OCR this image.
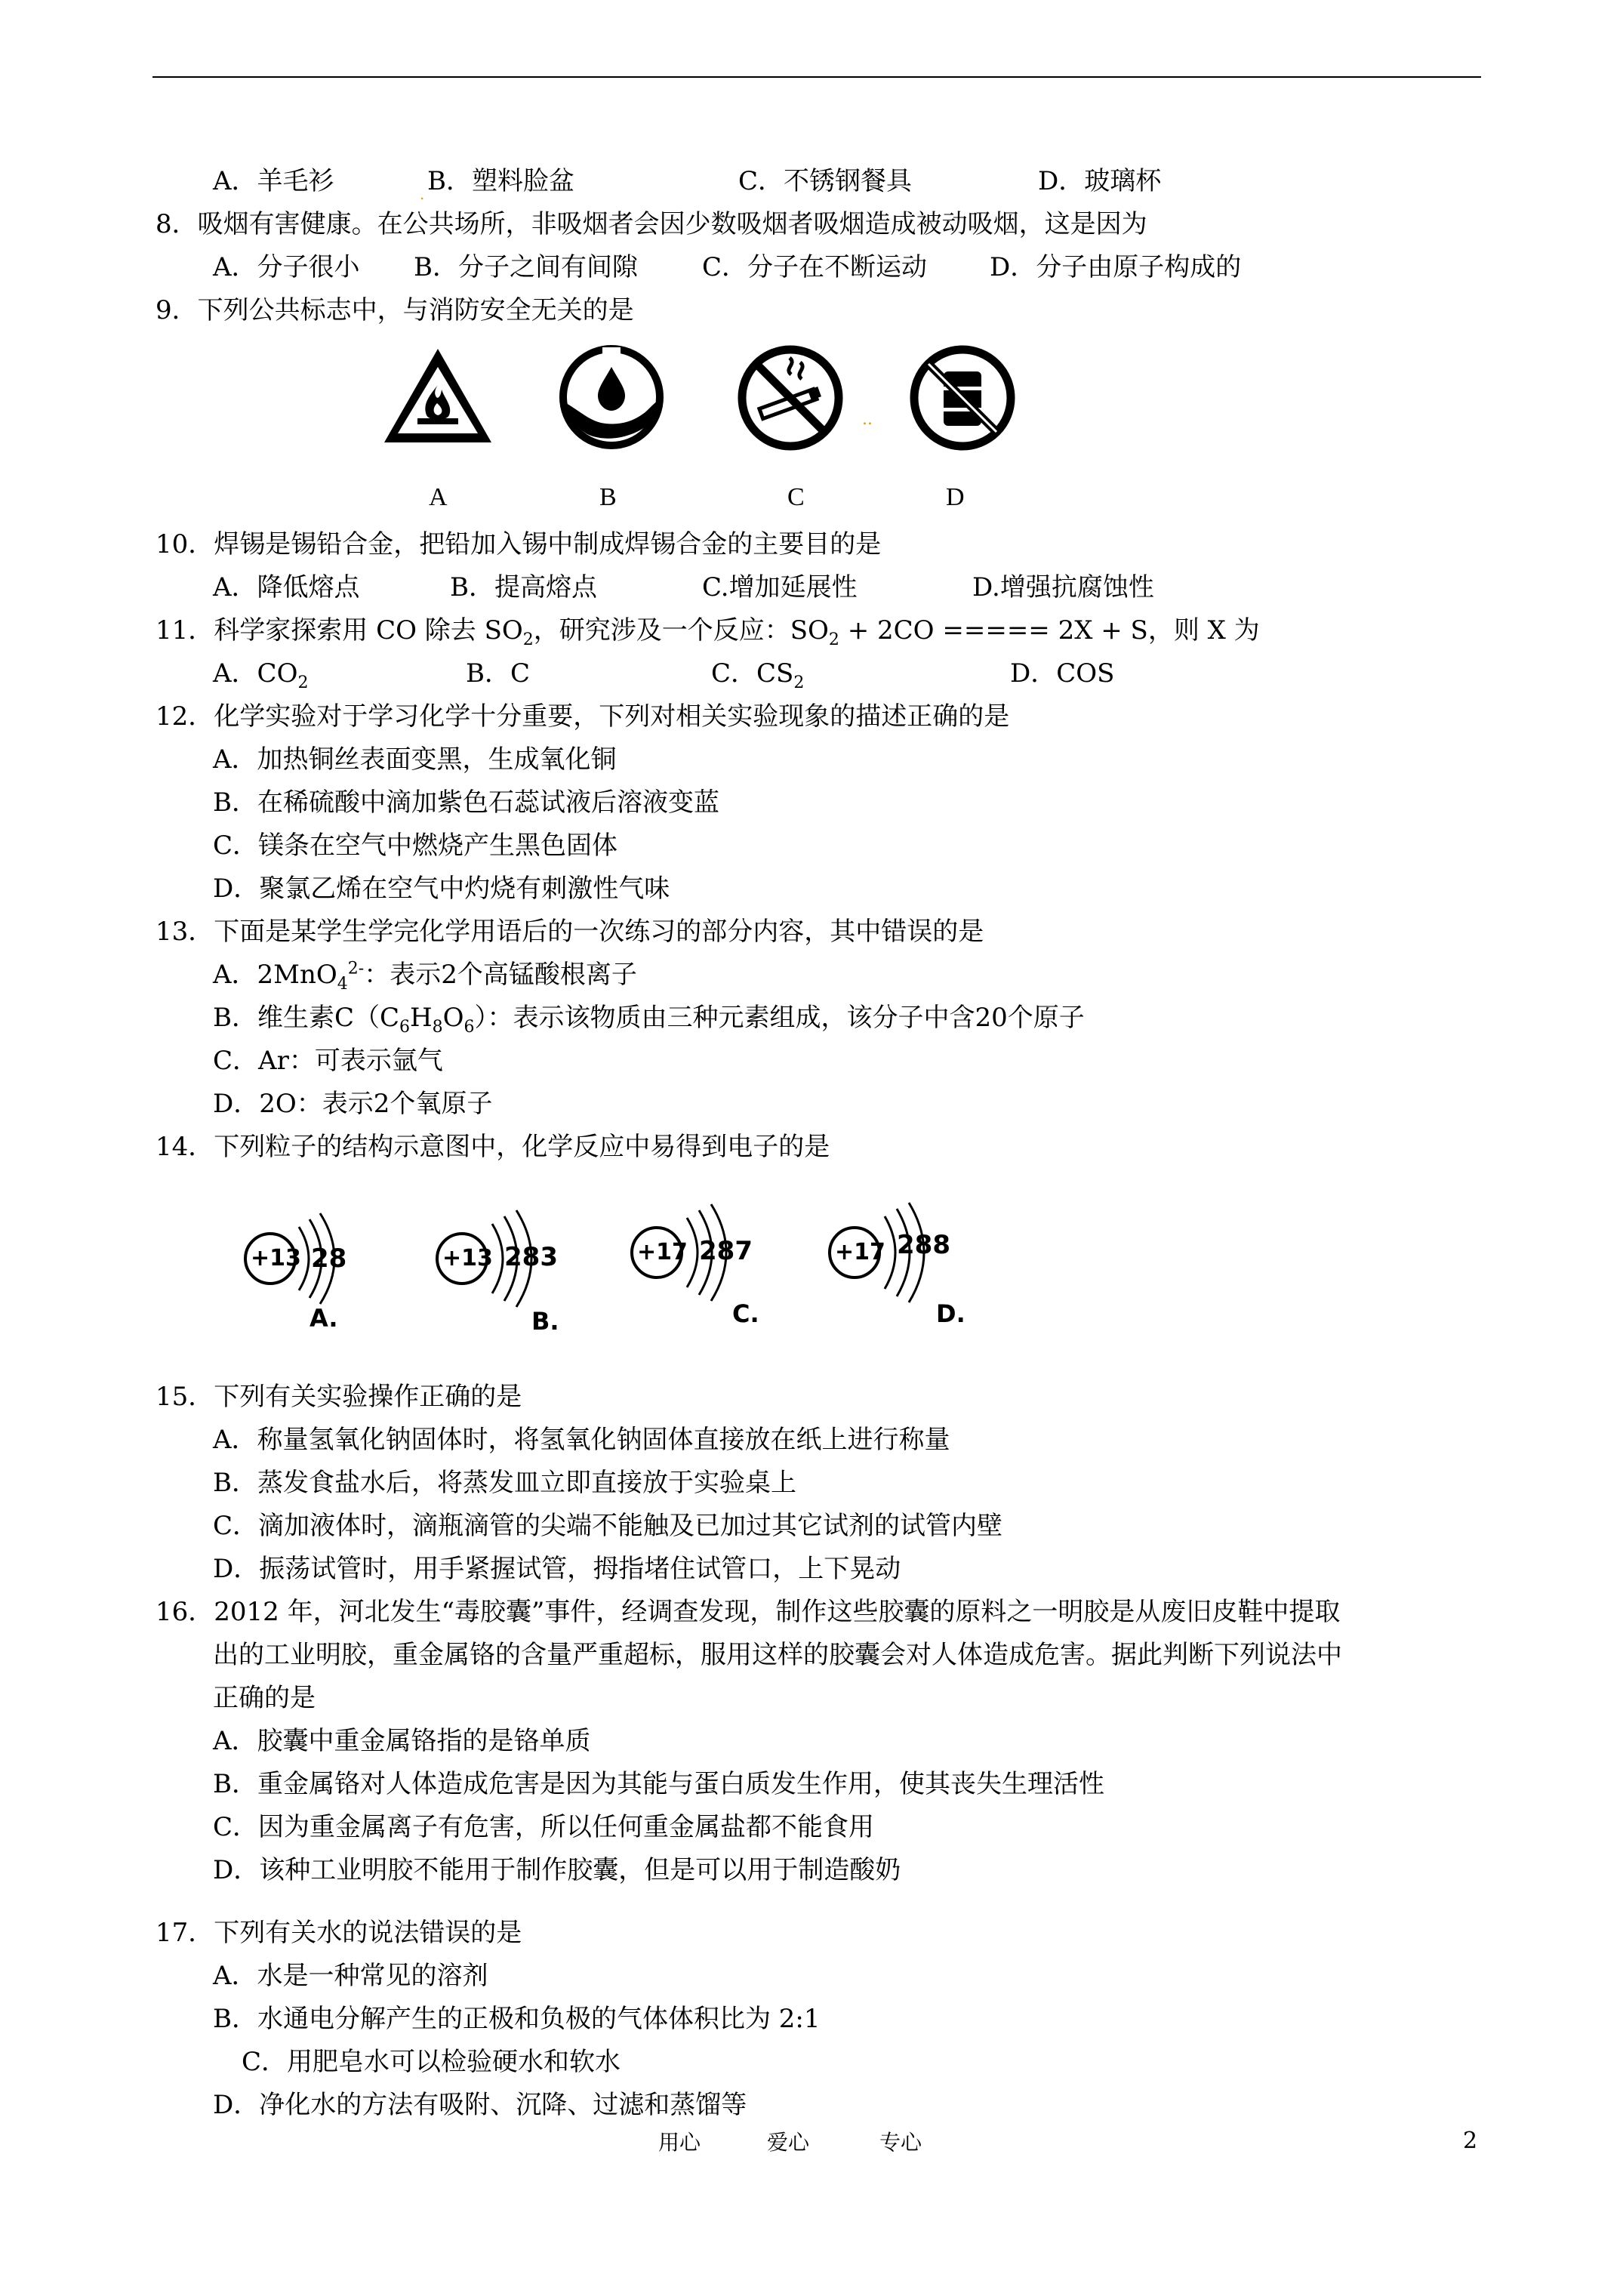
A．羊毛衫	B．塑料脸盆
.	C．不锈钢餐具	D．玻璃杯
8．吸烟有害健康。在公共场所，非吸烟者会因少数吸烟者吸烟造成被动吸烟，这是因为
A．分子很小 B．分子之间有间隙	C．分子在不断运动 D．分子由原子构成的
9．下列公共标志中，与消防安全无关的是
..
A	B	C	D
10．焊锡是锡铅合金，把铅加入锡中制成焊锡合金的主要目的是
A．降低熔点	B．提高熔点	C.增加延展性	D.增强抗腐蚀性
11．科学家探索用 CO 除去 $SO_2$，研究涉及一个反应：$SO_2 + 2CO$ ===== 2X + S，则 X 为
A．$CO_2$	B．C	C．$CS_2$	D．COS
12．化学实验对于学习化学十分重要，下列对相关实验现象的描述正确的是
A．加热铜丝表面变黑，生成氧化铜
B．在稀硫酸中滴加紫色石蕊试液后溶液变蓝
C．镁条在空气中燃烧产生黑色固体
D．聚氯乙烯在空气中灼烧有刺激性气味
13．下面是某学生学完化学用语后的一次练习的部分内容，其中错误的是
A．2MnO$_4^{2-}$：表示2个高锰酸根离子
B．维生素$C(C_6H_8O_6)$：表示该物质由三种元素组成，该分子中含20个原子
C．Ar：可表示氩气
D．2O：表示2个氧原子
14．下列粒子的结构示意图中，化学反应中易得到电子的是
+13 28
A.
+13 283
B.
+17 287
C.
+17 288
D.
15．下列有关实验操作正确的是
A．称量氢氧化钠固体时，将氢氧化钠固体直接放在纸上进行称量
B．蒸发食盐水后，将蒸发皿立即直接放于实验桌上
C．滴加液体时，滴瓶滴管的尖端不能触及已加过其它试剂的试管内壁
D．振荡试管时，用手紧握试管，拇指堵住试管口，上下晃动
16．2012 年，河北发生“毒胶囊”事件，经调查发现，制作这些胶囊的原料之一明胶是从废旧皮鞋中提取
出的工业明胶，重金属铬的含量严重超标，服用这样的胶囊会对人体造成危害。据此判断下列说法中
正确的是
A．胶囊中重金属铬指的是铬单质
B．重金属铬对人体造成危害是因为其能与蛋白质发生作用，使其丧失生理活性
C．因为重金属离子有危害，所以任何重金属盐都不能食用
D．该种工业明胶不能用于制作胶囊，但是可以用于制造酸奶
17．下列有关水的说法错误的是
A．水是一种常见的溶剂
B．水通电分解产生的正极和负极的气体体积比为 2:1
C．用肥皂水可以检验硬水和软水
D．净化水的方法有吸附、沉降、过滤和蒸馏等
用心	爱心	专心	2
